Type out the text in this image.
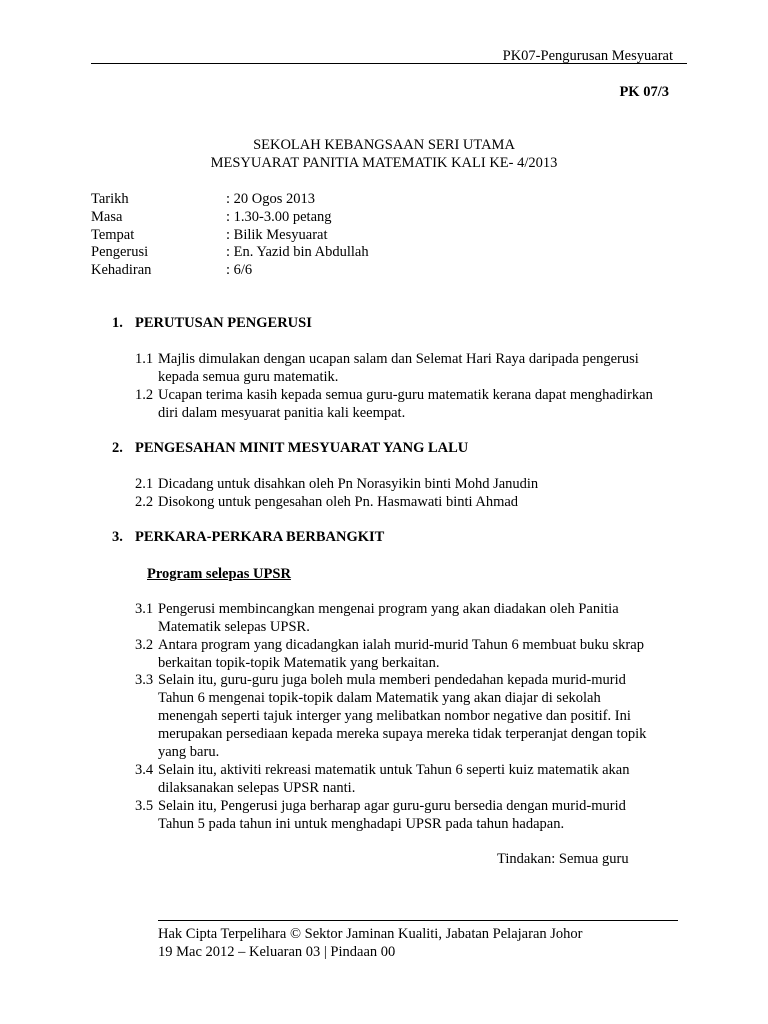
PK07-Pengurusan Mesyuarat
PK 07/3
SEKOLAH KEBANGSAAN SERI UTAMA
MESYUARAT PANITIA MATEMATIK KALI KE- 4/2013
Tarikh	: 20 Ogos 2013
Masa	: 1.30-3.00 petang
Tempat	: Bilik Mesyuarat
Pengerusi	: En. Yazid bin Abdullah
Kehadiran	: 6/6
1. PERUTUSAN PENGERUSI
1.1 Majlis dimulakan dengan ucapan salam dan Selemat Hari Raya daripada pengerusi
kepada semua guru matematik.
1.2 Ucapan terima kasih kepada semua guru-guru matematik kerana dapat menghadirkan
diri dalam mesyuarat panitia kali keempat.
2. PENGESAHAN MINIT MESYUARAT YANG LALU
2.1 Dicadang untuk disahkan oleh Pn Norasyikin binti Mohd Janudin
2.2 Disokong untuk pengesahan oleh Pn. Hasmawati binti Ahmad
3. PERKARA-PERKARA BERBANGKIT
Program selepas UPSR
3.1 Pengerusi membincangkan mengenai program yang akan diadakan oleh Panitia
Matematik selepas UPSR.
3.2 Antara program yang dicadangkan ialah murid-murid Tahun 6 membuat buku skrap
berkaitan topik-topik Matematik yang berkaitan.
3.3 Selain itu, guru-guru juga boleh mula memberi pendedahan kepada murid-murid
Tahun 6 mengenai topik-topik dalam Matematik yang akan diajar di sekolah
menengah seperti tajuk interger yang melibatkan nombor negative dan positif. Ini
merupakan persediaan kepada mereka supaya mereka tidak terperanjat dengan topik
yang baru.
3.4 Selain itu, aktiviti rekreasi matematik untuk Tahun 6 seperti kuiz matematik akan
dilaksanakan selepas UPSR nanti.
3.5 Selain itu, Pengerusi juga berharap agar guru-guru bersedia dengan murid-murid
Tahun 5 pada tahun ini untuk menghadapi UPSR pada tahun hadapan.
Tindakan: Semua guru
Hak Cipta Terpelihara © Sektor Jaminan Kualiti, Jabatan Pelajaran Johor
19 Mac 2012 – Keluaran 03 | Pindaan 00
